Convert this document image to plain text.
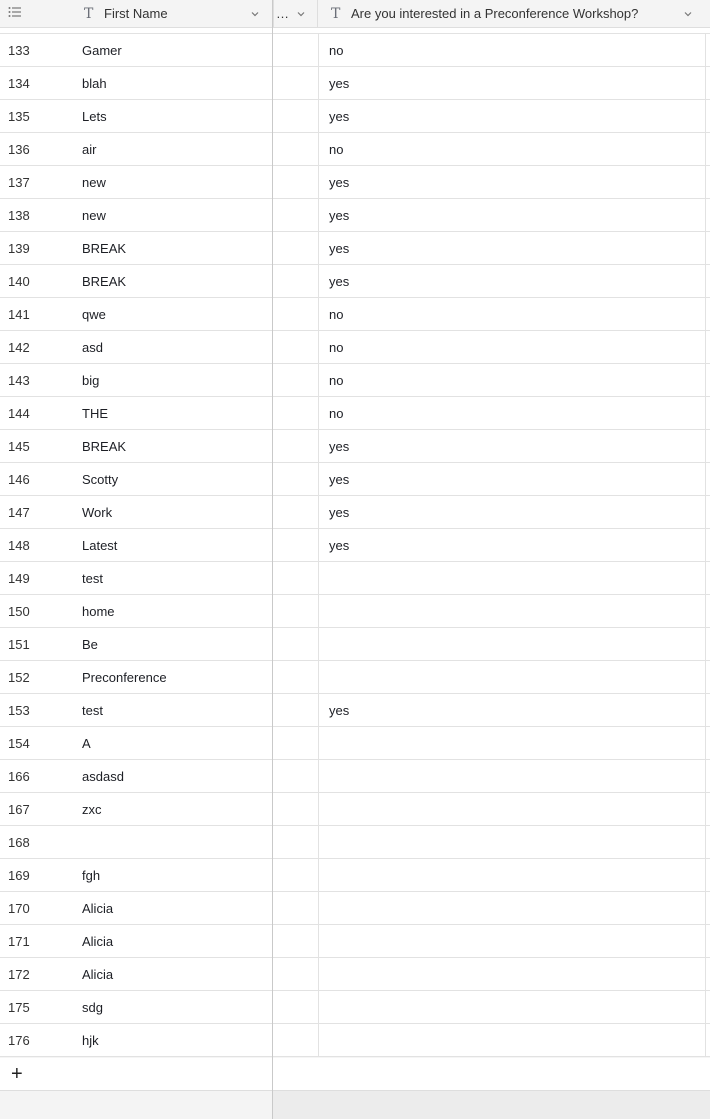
T First Name	…	T Are you interested in a Preconference Workshop?
133	Gamer	no
134	blah	yes
135	Lets	yes
136	air	no
137	new	yes
138	new	yes
139	BREAK	yes
140	BREAK	yes
141	qwe	no
142	asd	no
143	big	no
144	THE	no
145	BREAK	yes
146	Scotty	yes
147	Work	yes
148	Latest	yes
149	test
150	home
151	Be
152	Preconference
153	test	yes
154	A
166	asdasd
167	zxc
168
169	fgh
170	Alicia
171	Alicia
172	Alicia
175	sdg
176	hjk
+
